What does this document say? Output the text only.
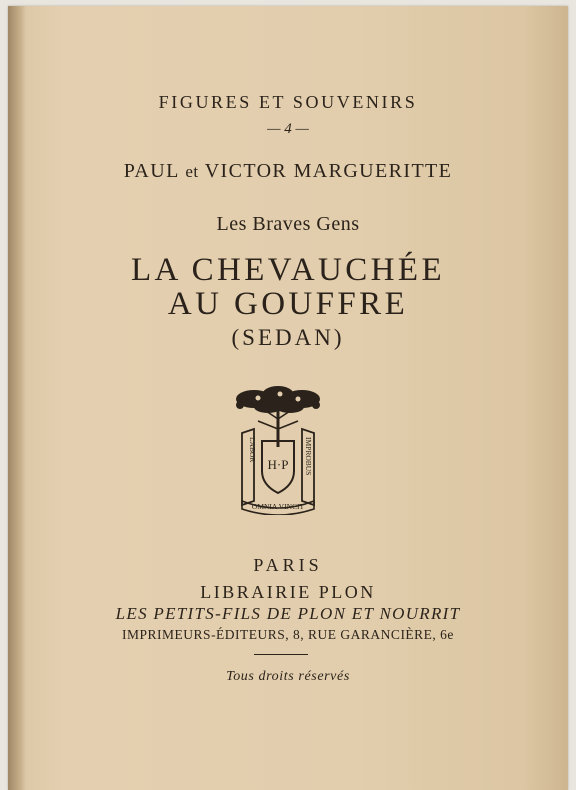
FIGURES ET SOUVENIRS
— 4 —
PAUL et VICTOR MARGUERITTE
Les Braves Gens
LA CHEVAUCHÉE
AU GOUFFRE
(SEDAN)
H·P
LABOR	IMPROBUS
OMNIA VINCIT
PARIS
LIBRAIRIE PLON
LES PETITS-FILS DE PLON ET NOURRIT
IMPRIMEURS-ÉDITEURS, 8, RUE GARANCIÈRE, 6e
Tous droits réservés
